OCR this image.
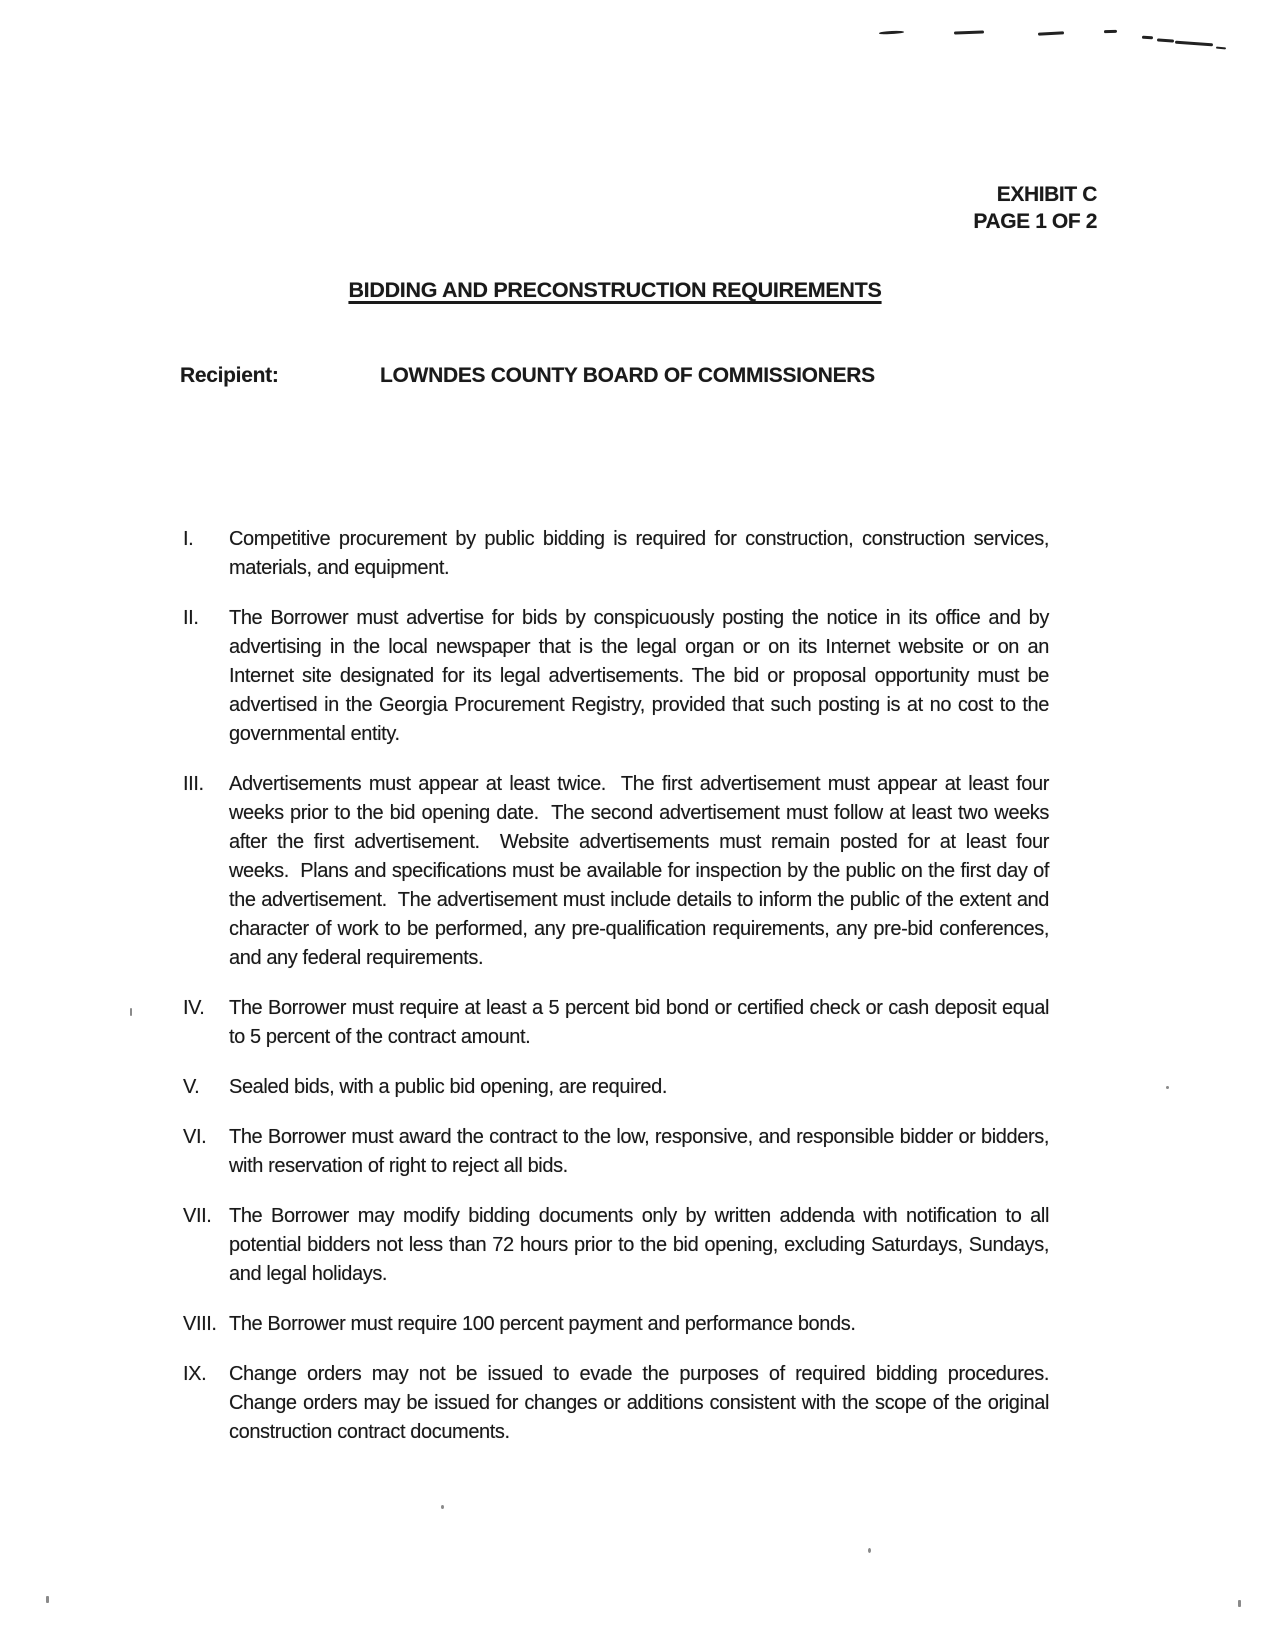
EXHIBIT C
PAGE 1 OF 2
BIDDING AND PRECONSTRUCTION REQUIREMENTS
Recipient:	LOWNDES COUNTY BOARD OF COMMISSIONERS
I.	Competitive procurement by public bidding is required for construction, construction services, materials, and equipment.
II.	The Borrower must advertise for bids by conspicuously posting the notice in its office and by advertising in the local newspaper that is the legal organ or on its Internet website or on an Internet site designated for its legal advertisements. The bid or proposal opportunity must be advertised in the Georgia Procurement Registry, provided that such posting is at no cost to the governmental entity.
III.	Advertisements must appear at least twice.  The first advertisement must appear at least four weeks prior to the bid opening date.  The second advertisement must follow at least two weeks after the first advertisement.  Website advertisements must remain posted for at least four weeks.  Plans and specifications must be available for inspection by the public on the first day of the advertisement.  The advertisement must include details to inform the public of the extent and character of work to be performed, any pre-qualification requirements, any pre-bid conferences, and any federal requirements.
IV.	The Borrower must require at least a 5 percent bid bond or certified check or cash deposit equal to 5 percent of the contract amount.
V.	Sealed bids, with a public bid opening, are required.
VI.	The Borrower must award the contract to the low, responsive, and responsible bidder or bidders, with reservation of right to reject all bids.
VII. The Borrower may modify bidding documents only by written addenda with notification to all potential bidders not less than 72 hours prior to the bid opening, excluding Saturdays, Sundays, and legal holidays.
VIII. The Borrower must require 100 percent payment and performance bonds.
IX.	Change orders may not be issued to evade the purposes of required bidding procedures. Change orders may be issued for changes or additions consistent with the scope of the original construction contract documents.
